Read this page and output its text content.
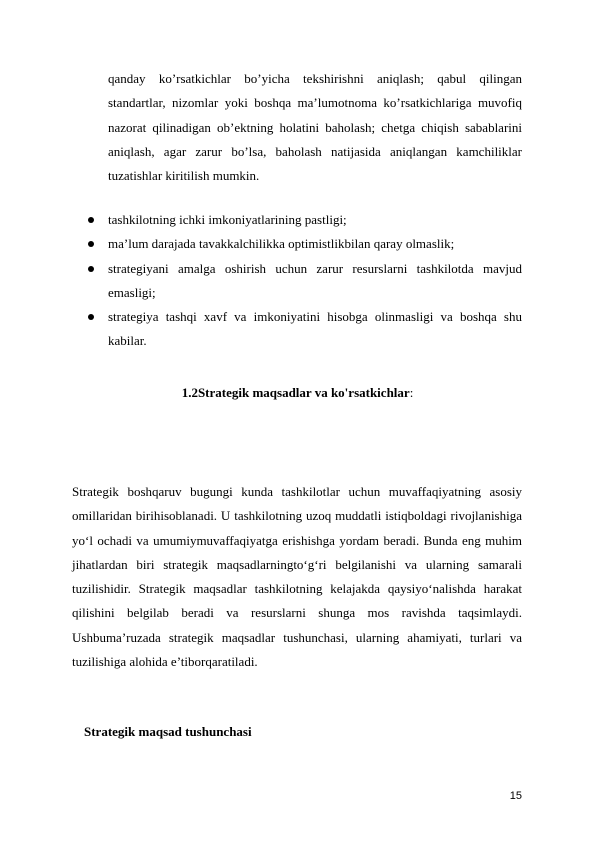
qanday ko’rsatkichlar bo’yicha tekshirishni aniqlash; qabul qilingan standartlar, nizomlar yoki boshqa ma’lumotnoma ko’rsatkichlariga muvofiq nazorat qilinadigan ob’ektning holatini baholash; chetga chiqish sabablarini aniqlash, agar zarur bo’lsa, baholash natijasida aniqlangan kamchiliklar tuzatishlar kiritilish mumkin.

tashkilotning ichki imkoniyatlarining pastligi;
ma’lum darajada tavakkalchilikka optimistlikbilan qaray olmaslik;
strategiyani amalga oshirish uchun zarur resurslarni tashkilotda mavjud emasligi;
strategiya tashqi xavf va imkoniyatini hisobga olinmasligi va boshqa shu kabilar.

1.2Strategik maqsadlar va ko'rsatkichlar:

Strategik boshqaruv bugungi kunda tashkilotlar uchun muvaffaqiyatning asosiy omillaridan birihisoblanadi. U tashkilotning uzoq muddatli istiqboldagi rivojlanishiga yo‘l ochadi va umumiymuvaffaqiyatga erishishga yordam beradi. Bunda eng muhim jihatlardan biri strategik maqsadlarningto‘g‘ri belgilanishi va ularning samarali tuzilishidir. Strategik maqsadlar tashkilotning kelajakda qaysiyo‘nalishda harakat qilishini belgilab beradi va resurslarni shunga mos ravishda taqsimlaydi. Ushbuma’ruzada strategik maqsadlar tushunchasi, ularning ahamiyati, turlari va tuzilishiga alohida e’tiborqaratiladi.

Strategik maqsad tushunchasi

15
